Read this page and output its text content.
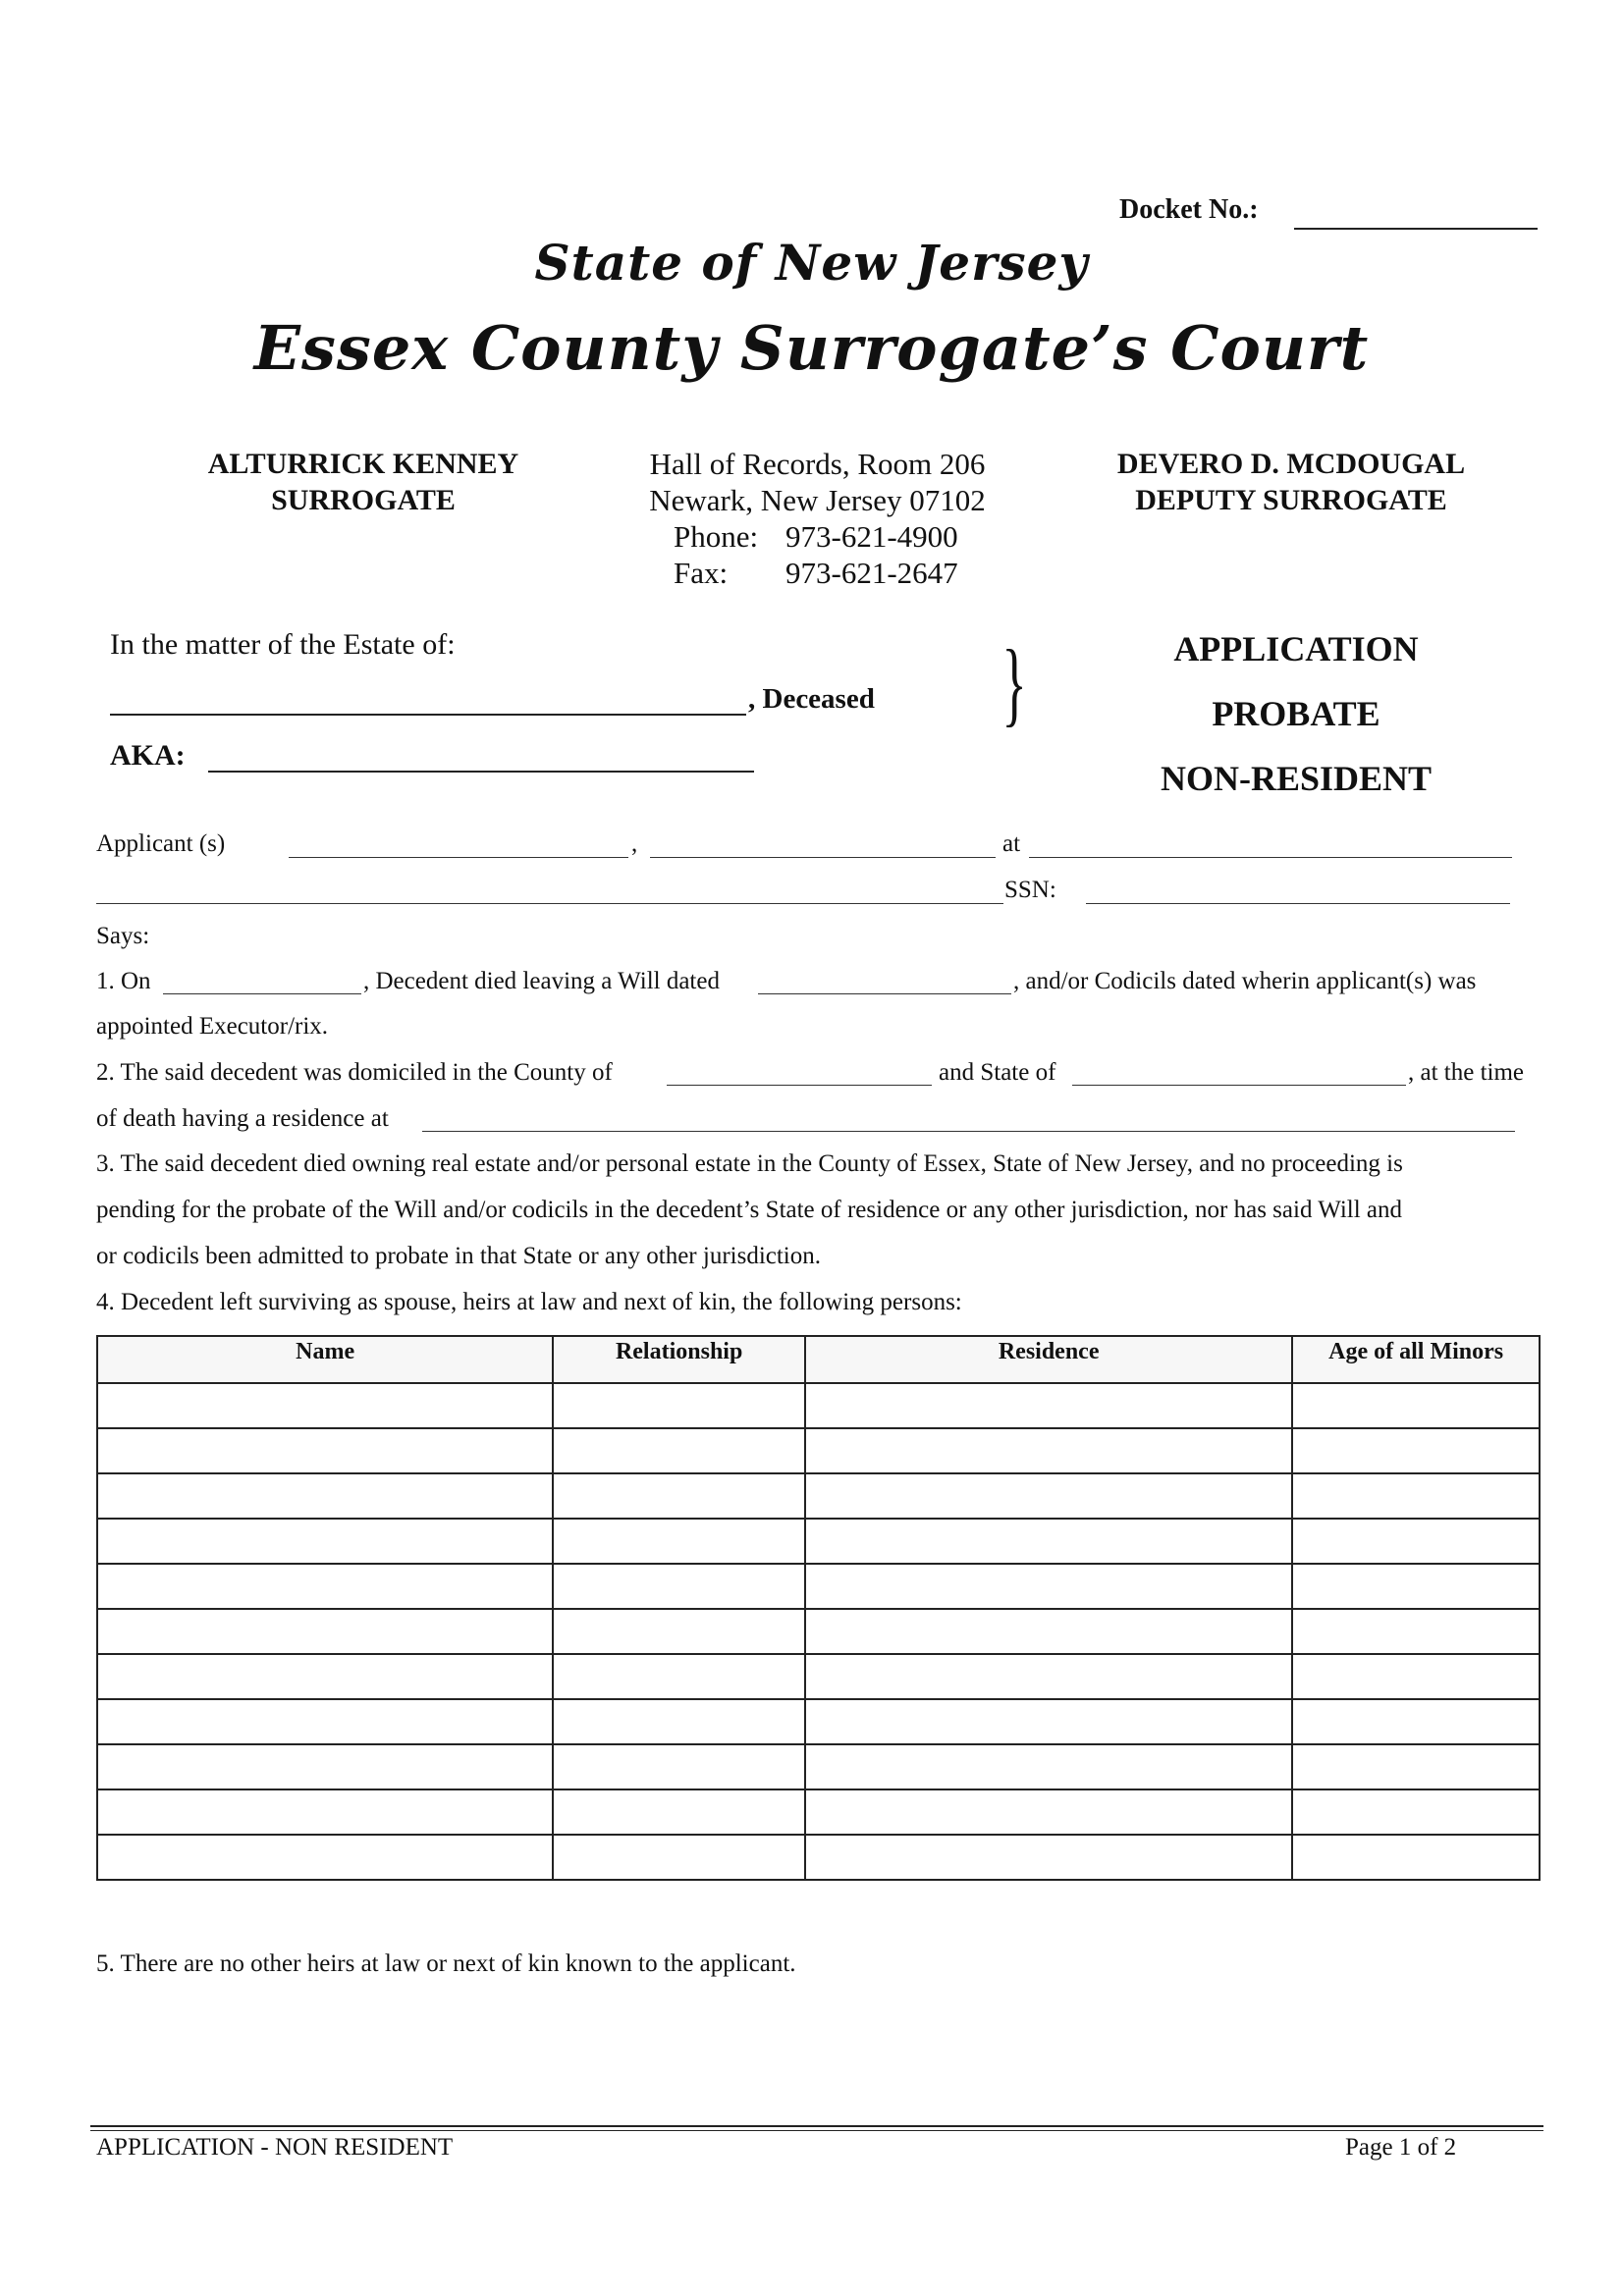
Docket No.:
State of New Jersey
Essex County Surrogate’s Court
ALTURRICK KENNEY
SURROGATE
Hall of Records, Room 206
Newark, New Jersey 07102
Phone: 973-621-4900
Fax: 973-621-2647
DEVERO D. MCDOUGAL
DEPUTY SURROGATE
In the matter of the Estate of:
, Deceased
AKA:
}	APPLICATION
PROBATE
NON-RESIDENT
Applicant (s)	,	at
SSN:
Says:
1. On	, Decedent died leaving a Will dated	, and/or Codicils dated wherin applicant(s) was
appointed Executor/rix.
2. The said decedent was domiciled in the County of	and State of	, at the time
of death having a residence at
3. The said decedent died owning real estate and/or personal estate in the County of Essex, State of New Jersey, and no proceeding is
pending for the probate of the Will and/or codicils in the decedent’s State of residence or any other jurisdiction, nor has said Will and
or codicils been admitted to probate in that State or any other jurisdiction.
4. Decedent left surviving as spouse, heirs at law and next of kin, the following persons:
Name	Relationship	Residence	Age of all Minors

5. There are no other heirs at law or next of kin known to the applicant.
APPLICATION - NON RESIDENT	Page 1 of 2
